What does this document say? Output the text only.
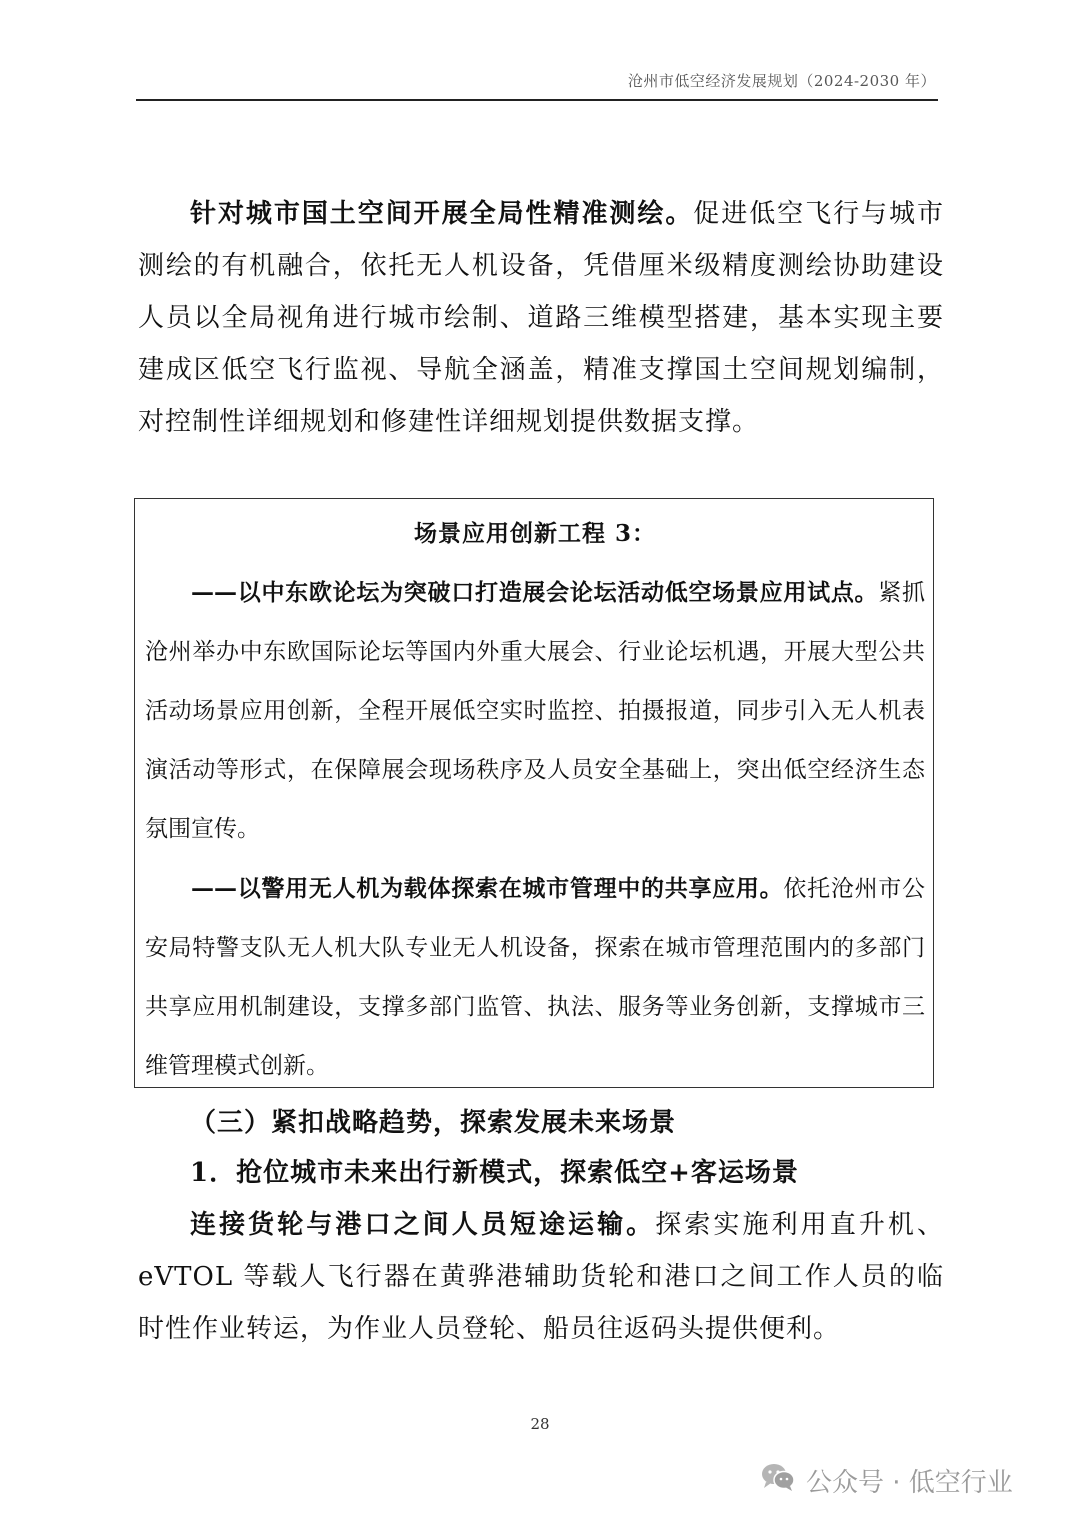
沧州市低空经济发展规划（2024-2030 年）

针对城市国土空间开展全局性精准测绘。促进低空飞行与城市测绘的有机融合，依托无人机设备，凭借厘米级精度测绘协助建设人员以全局视角进行城市绘制、道路三维模型搭建，基本实现主要建成区低空飞行监视、导航全涵盖，精准支撑国土空间规划编制，对控制性详细规划和修建性详细规划提供数据支撑。

场景应用创新工程 3：

——以中东欧论坛为突破口打造展会论坛活动低空场景应用试点。紧抓沧州举办中东欧国际论坛等国内外重大展会、行业论坛机遇，开展大型公共活动场景应用创新，全程开展低空实时监控、拍摄报道，同步引入无人机表演活动等形式，在保障展会现场秩序及人员安全基础上，突出低空经济生态氛围宣传。

——以警用无人机为载体探索在城市管理中的共享应用。依托沧州市公安局特警支队无人机大队专业无人机设备，探索在城市管理范围内的多部门共享应用机制建设，支撑多部门监管、执法、服务等业务创新，支撑城市三维管理模式创新。

（三）紧扣战略趋势，探索发展未来场景

1．抢位城市未来出行新模式，探索低空+客运场景

连接货轮与港口之间人员短途运输。探索实施利用直升机、eVTOL 等载人飞行器在黄骅港辅助货轮和港口之间工作人员的临时性作业转运，为作业人员登轮、船员往返码头提供便利。

28
公众号 · 低空行业
